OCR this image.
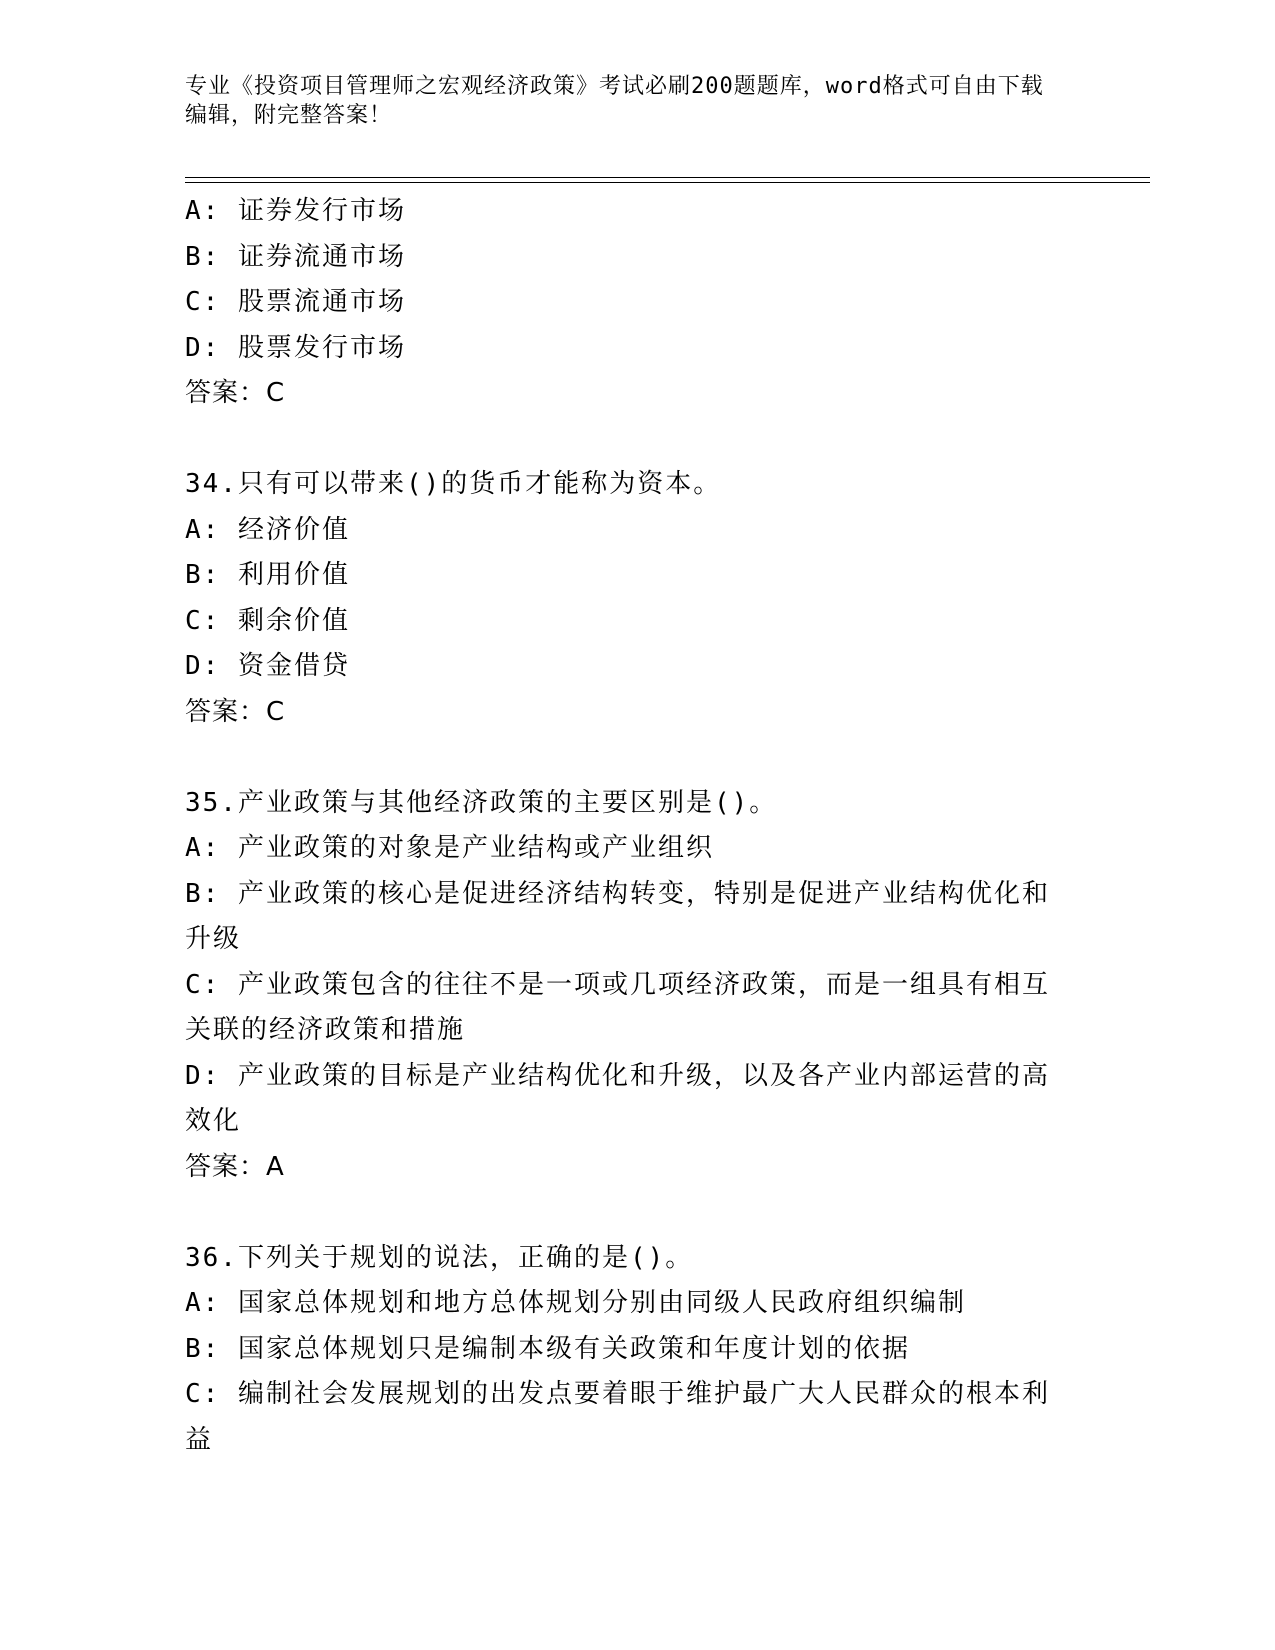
专业《投资项目管理师之宏观经济政策》考试必刷200题题库，word格式可自由下载编辑，附完整答案！

A: 证券发行市场

B: 证券流通市场

C: 股票流通市场

D: 股票发行市场

答案：C

34.只有可以带来()的货币才能称为资本。

A: 经济价值

B: 利用价值

C: 剩余价值

D: 资金借贷

答案：C

35.产业政策与其他经济政策的主要区别是()。

A: 产业政策的对象是产业结构或产业组织

B: 产业政策的核心是促进经济结构转变，特别是促进产业结构优化和升级

C: 产业政策包含的往往不是一项或几项经济政策，而是一组具有相互关联的经济政策和措施

D: 产业政策的目标是产业结构优化和升级，以及各产业内部运营的高效化

答案：A

36.下列关于规划的说法，正确的是()。

A: 国家总体规划和地方总体规划分别由同级人民政府组织编制

B: 国家总体规划只是编制本级有关政策和年度计划的依据

C: 编制社会发展规划的出发点要着眼于维护最广大人民群众的根本利益
